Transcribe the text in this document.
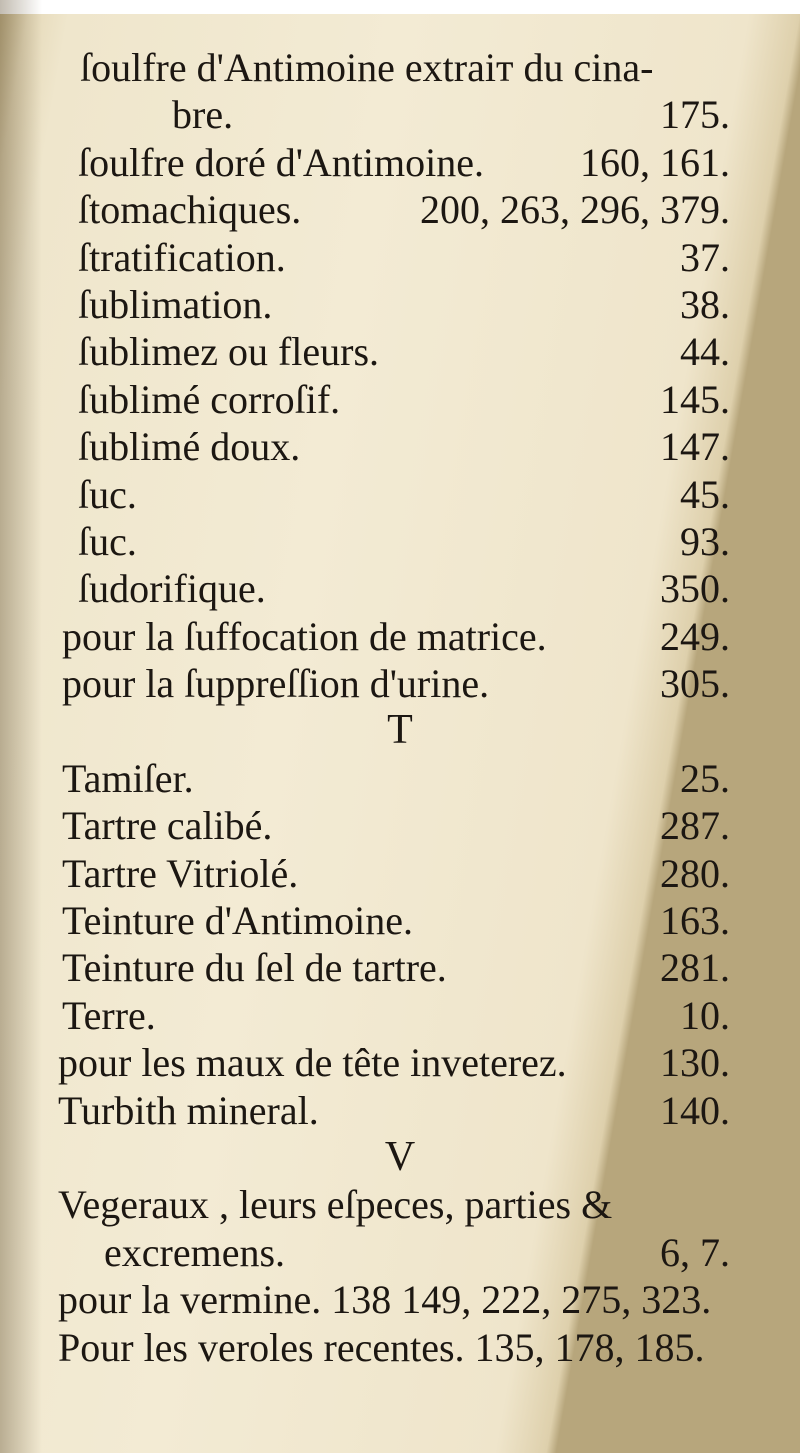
ſoulfre d'Antimoine extraiт du cina-
bre.	175.
ſoulfre doré d'Antimoine. 160, 161.
ſtomachiques.	200, 263, 296, 379.
ſtratification.	37.
ſublimation.	38.
ſublimez ou fleurs.	44.
ſublimé corroſif.	145.
ſublimé doux.	147.
ſuc.	45.
ſuc.	93.
ſudorifique.	350.
pour la ſuffocation de matrice.	249.
pour la ſuppreſſion d'urine.	305.
T
Tamiſer.	25.
Tartre calibé.	287.
Tartre Vitriolé.	280.
Teinture d'Antimoine.	163.
Teinture du ſel de tartre.	281.
Terre.	10.
pour les maux de tête inveterez. 130.
Turbith mineral.	140.
V
Vegeraux , leurs eſpeces, parties &
excremens.	6, 7.
pour la vermine. 138 149, 222, 275, 323.
Pour les veroles recentes. 135, 178, 185.
